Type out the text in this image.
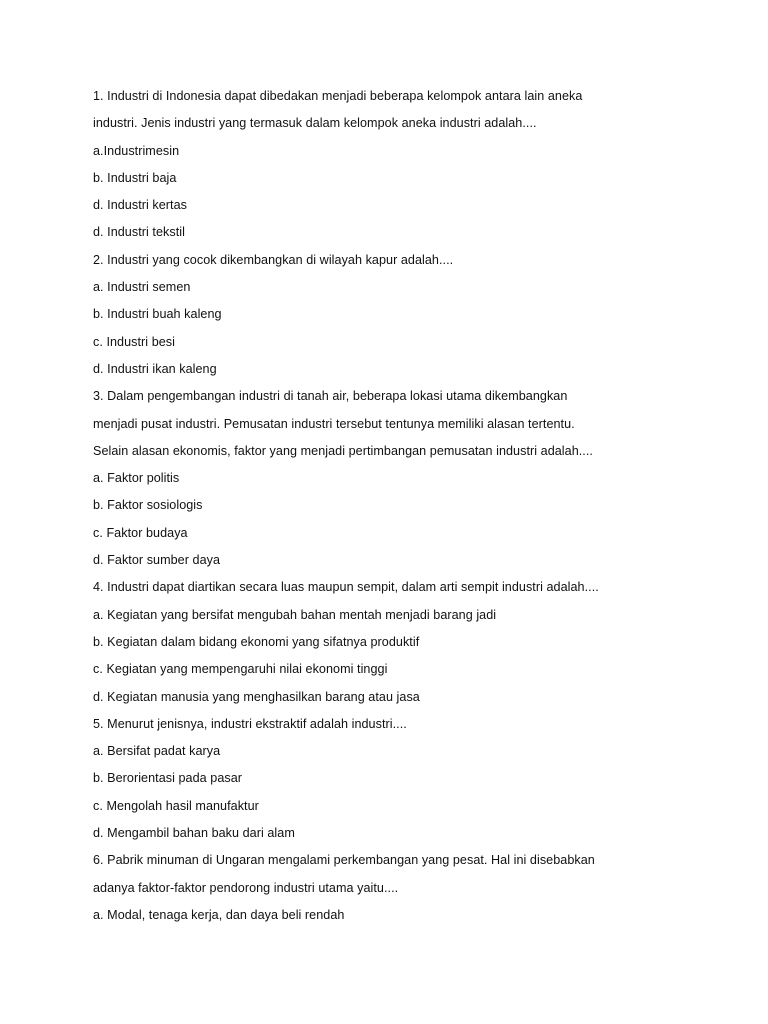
1. Industri di Indonesia dapat dibedakan menjadi beberapa kelompok antara lain aneka
industri. Jenis industri yang termasuk dalam kelompok aneka industri adalah....
a.Industrimesin
b. Industri baja
d. Industri kertas
d. Industri tekstil
2. Industri yang cocok dikembangkan di wilayah kapur adalah....
a. Industri semen
b. Industri buah kaleng
c. Industri besi
d. Industri ikan kaleng
3. Dalam pengembangan industri di tanah air, beberapa lokasi utama dikembangkan
menjadi pusat industri. Pemusatan industri tersebut tentunya memiliki alasan tertentu.
Selain alasan ekonomis, faktor yang menjadi pertimbangan pemusatan industri adalah....
a. Faktor politis
b. Faktor sosiologis
c. Faktor budaya
d. Faktor sumber daya
4. Industri dapat diartikan secara luas maupun sempit, dalam arti sempit industri adalah....
a. Kegiatan yang bersifat mengubah bahan mentah menjadi barang jadi
b. Kegiatan dalam bidang ekonomi yang sifatnya produktif
c. Kegiatan yang mempengaruhi nilai ekonomi tinggi
d. Kegiatan manusia yang menghasilkan barang atau jasa
5. Menurut jenisnya, industri ekstraktif adalah industri....
a. Bersifat padat karya
b. Berorientasi pada pasar
c. Mengolah hasil manufaktur
d. Mengambil bahan baku dari alam
6. Pabrik minuman di Ungaran mengalami perkembangan yang pesat. Hal ini disebabkan
adanya faktor-faktor pendorong industri utama yaitu....
a. Modal, tenaga kerja, dan daya beli rendah
